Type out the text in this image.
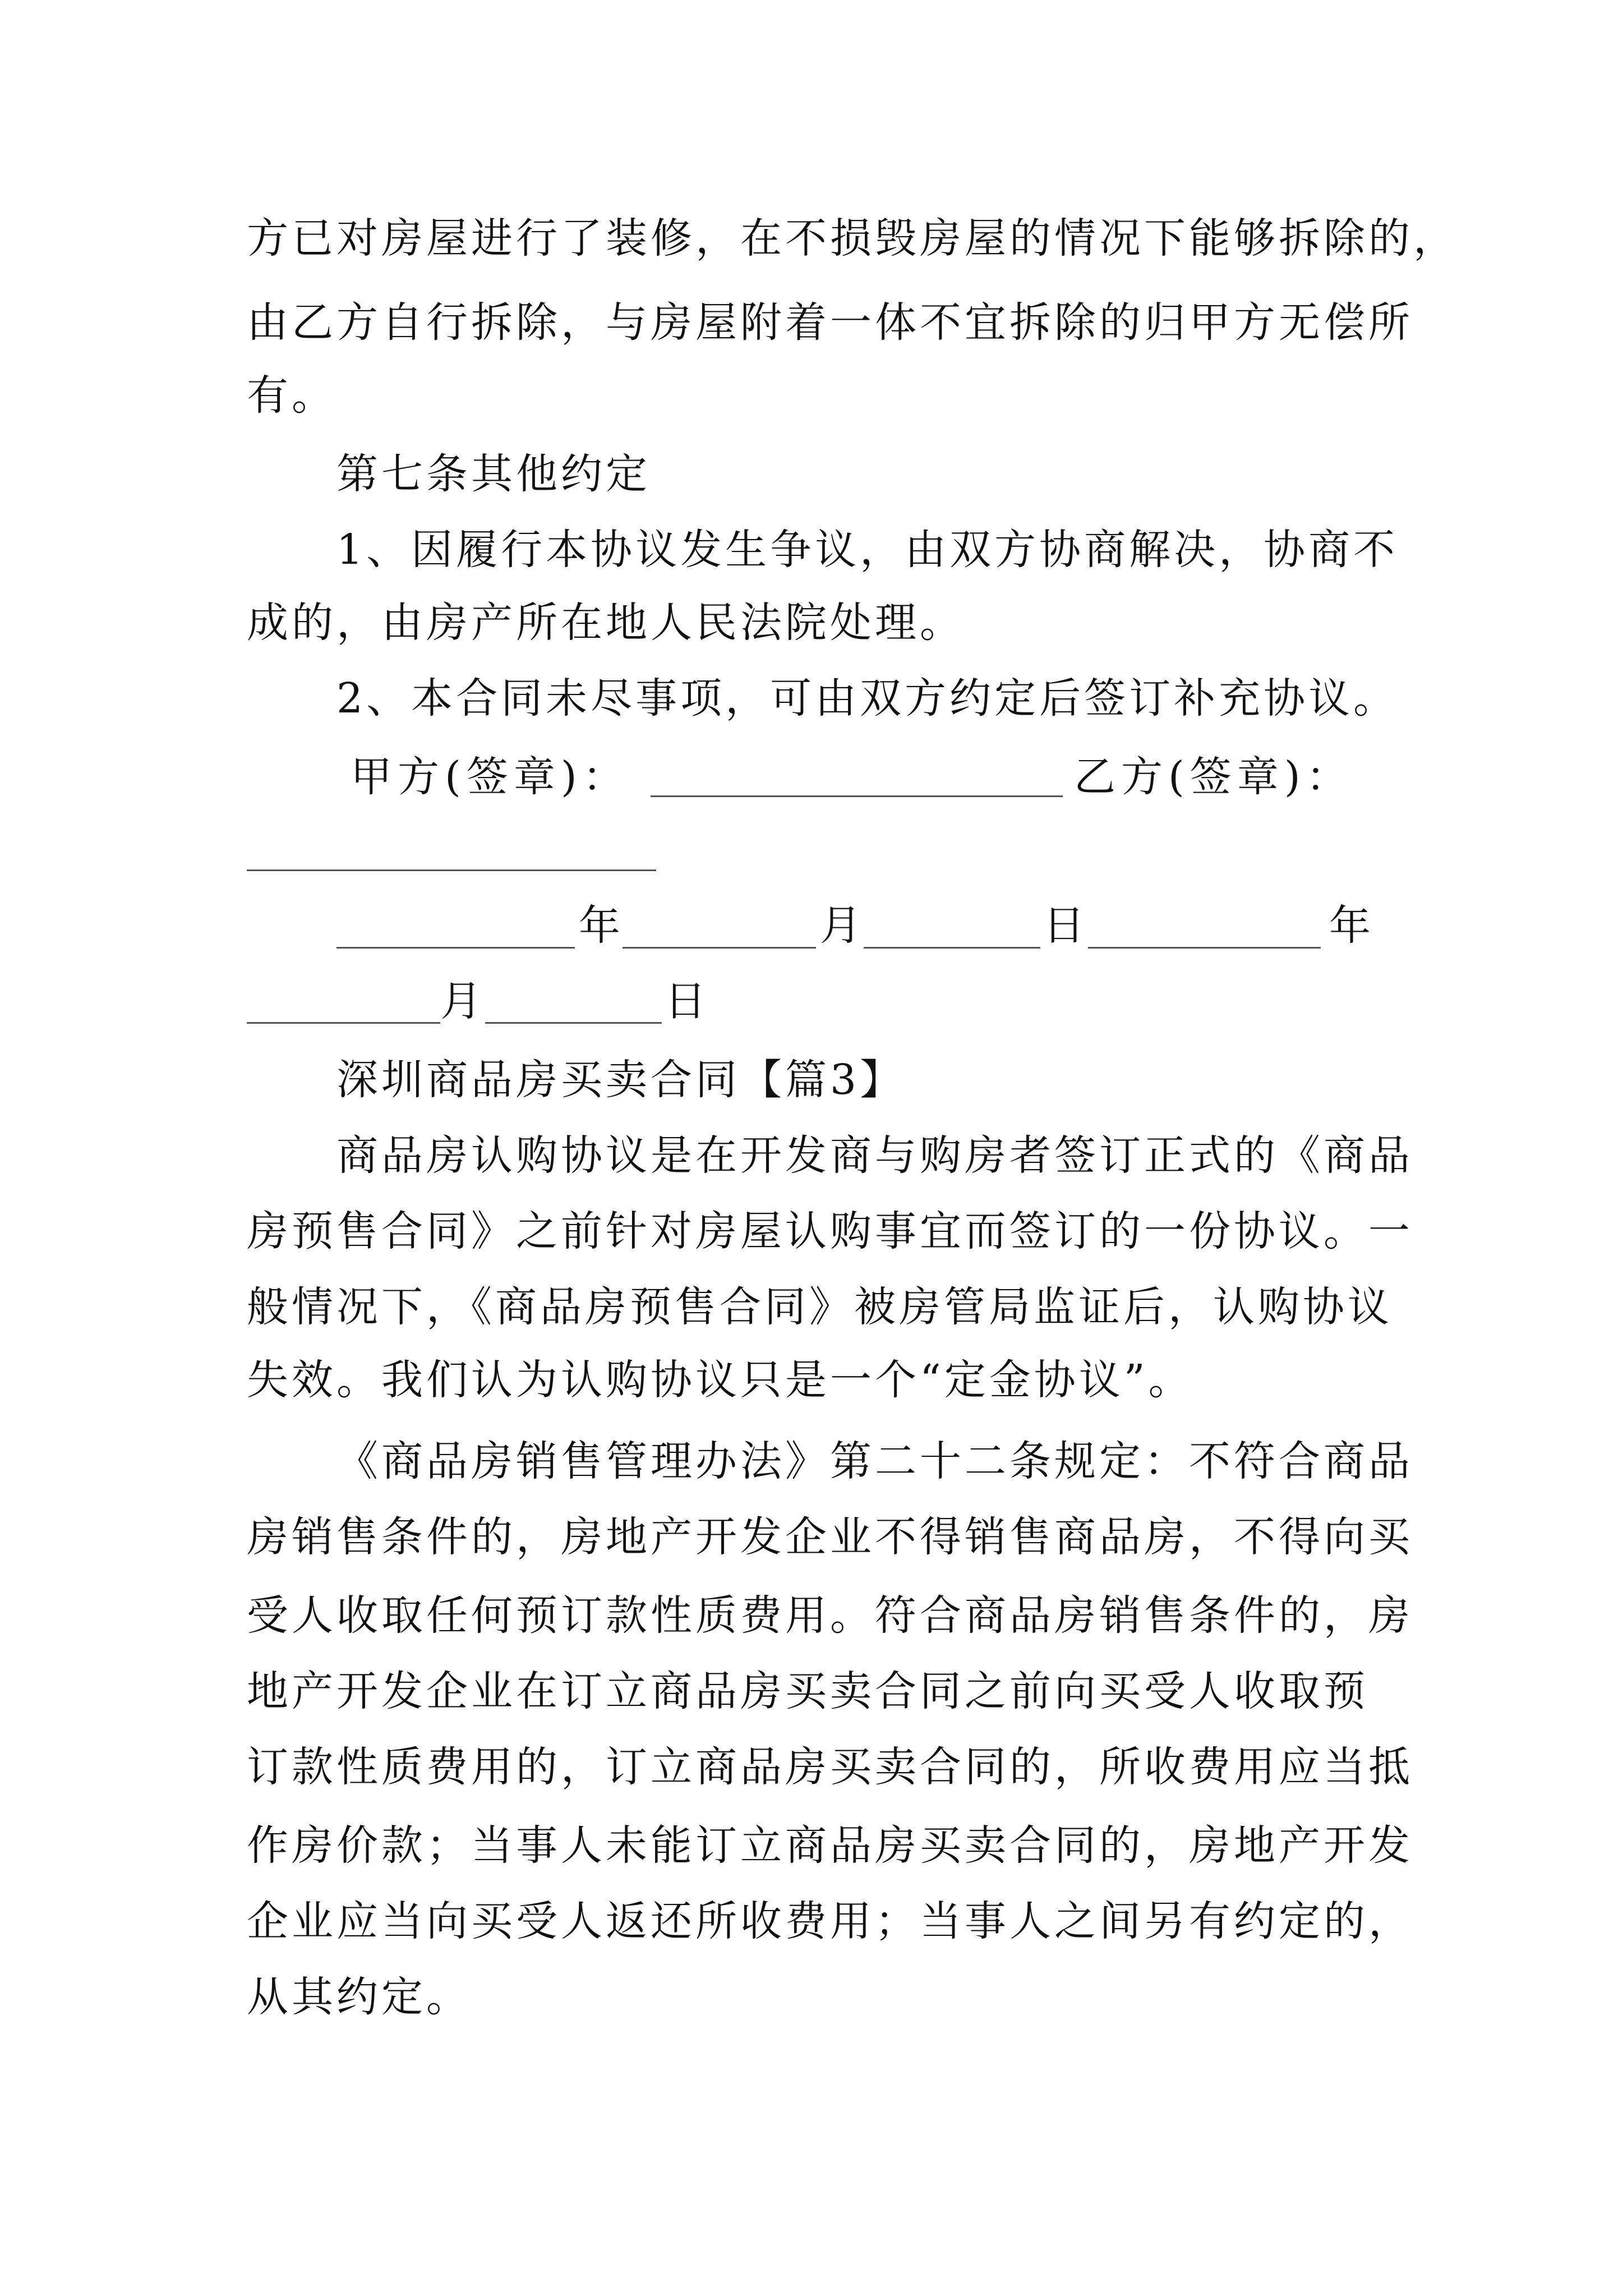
方已对房屋进行了装修，在不损毁房屋的情况下能够拆除的，
由乙方自行拆除，与房屋附着一体不宜拆除的归甲方无偿所
有。
第七条其他约定
1、因履行本协议发生争议，由双方协商解决，协商不
成的，由房产所在地人民法院处理。
2、本合同未尽事项，可由双方约定后签订补充协议。
甲方(签章)：	乙方(签章)：
年	月	日	年
月	日
深圳商品房买卖合同【篇3】
商品房认购协议是在开发商与购房者签订正式的《商品
房预售合同》之前针对房屋认购事宜而签订的一份协议。一
般情况下，《商品房预售合同》被房管局监证后，认购协议
失效。我们认为认购协议只是一个“定金协议”。
《商品房销售管理办法》第二十二条规定：不符合商品
房销售条件的，房地产开发企业不得销售商品房，不得向买
受人收取任何预订款性质费用。符合商品房销售条件的，房
地产开发企业在订立商品房买卖合同之前向买受人收取预
订款性质费用的，订立商品房买卖合同的，所收费用应当抵
作房价款；当事人未能订立商品房买卖合同的，房地产开发
企业应当向买受人返还所收费用；当事人之间另有约定的，
从其约定。
